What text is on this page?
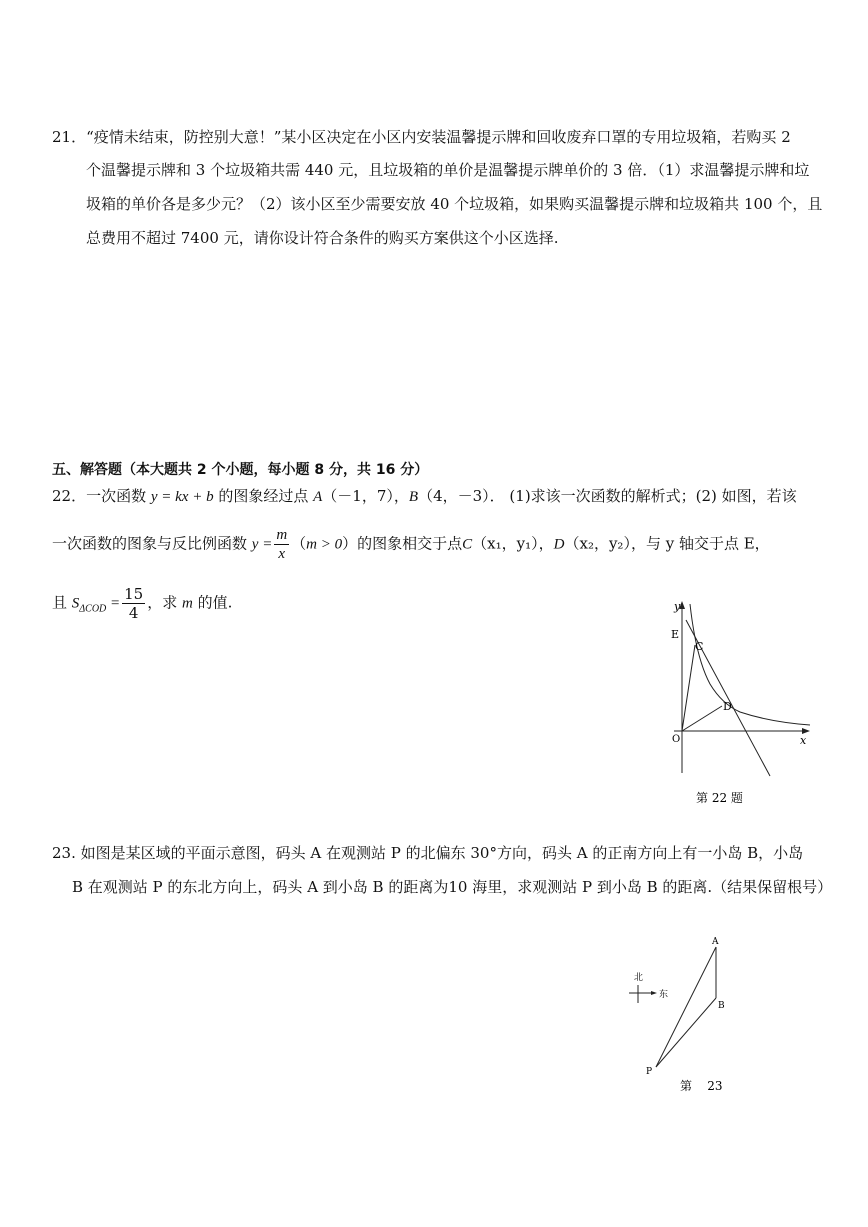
21．“疫情未结束，防控别大意！”某小区决定在小区内安装温馨提示牌和回收废弃口罩的专用垃圾箱，若购买 2
个温馨提示牌和 3 个垃圾箱共需 440 元，且垃圾箱的单价是温馨提示牌单价的 3 倍．（1）求温馨提示牌和垃
圾箱的单价各是多少元？（2）该小区至少需要安放 40 个垃圾箱，如果购买温馨提示牌和垃圾箱共 100 个，且
总费用不超过 7400 元，请你设计符合条件的购买方案供这个小区选择.
五、解答题（本大题共 2 个小题，每小题 8 分，共 16 分）
22．一次函数 y = kx + b 的图象经过点 A（－1，7），B（4，－3）． (1)求该一次函数的解析式；(2) 如图，若该
一次函数的图象与反比例函数 $y = \frac{m}{x} (m > 0)$的图象相交于点C（x₁，y₁），D（x₂，y₂），与 y 轴交于点 E，
且 $S_{\Delta COD} = \frac{15}{4}$ ，求 m 的值.	y
E
C
D
O	x
第 22 题
23. 如图是某区域的平面示意图，码头 A 在观测站 P 的北偏东 30°方向，码头 A 的正南方向上有一小岛 B，小岛
B 在观测站 P 的东北方向上，码头 A 到小岛 B 的距离为10 海里，求观测站 P 到小岛 B 的距离.（结果保留根号）
北
东
A
B
P
第    23
